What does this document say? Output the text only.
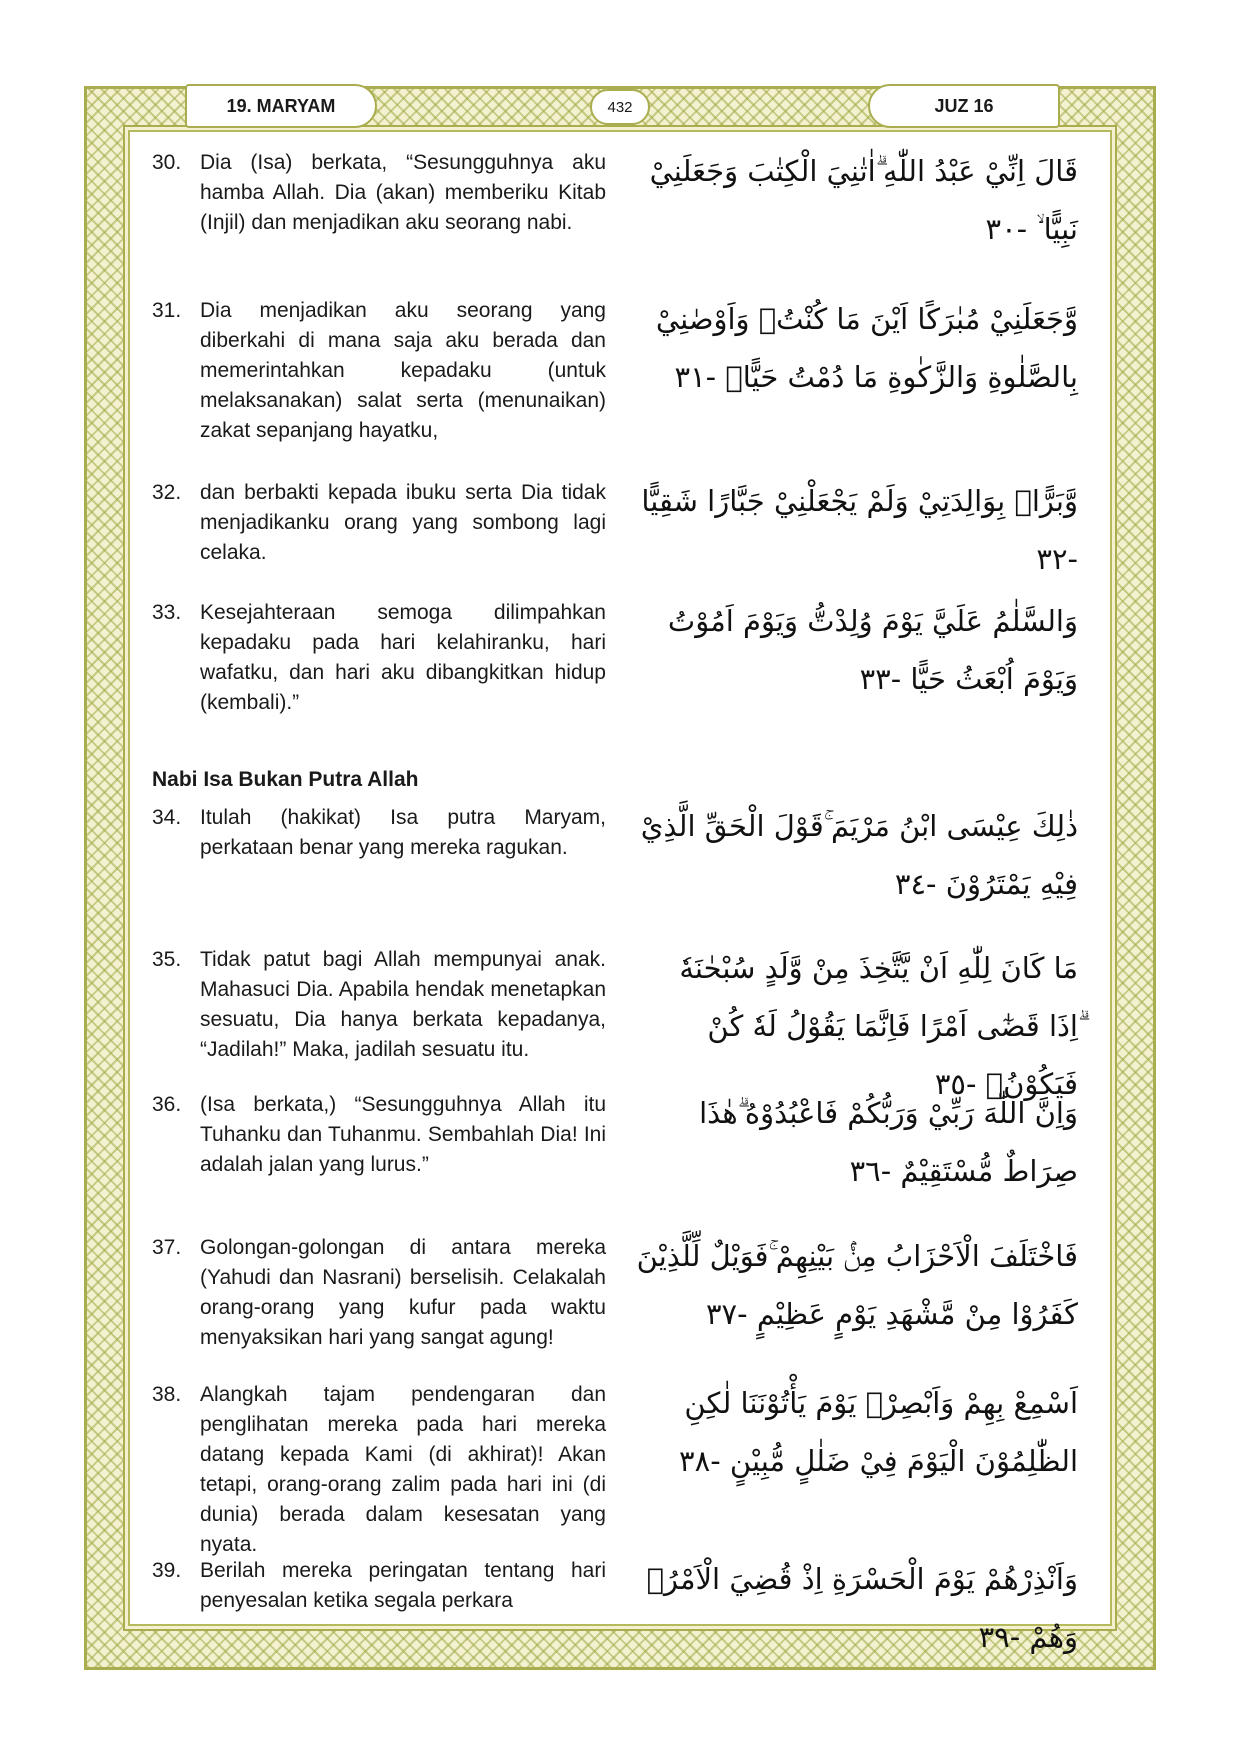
19. MARYAM	432	JUZ 16
30. Dia (Isa) berkata, “Sesungguhnya aku hamba Allah. Dia (akan) memberiku Kitab (Injil) dan menjadikan aku seorang nabi.
قَالَ اِنِّيْ عَبْدُ اللّٰهِ ۗاٰتٰنِيَ الْكِتٰبَ وَجَعَلَنِيْ نَبِيًّا ۙ -٣٠
31. Dia menjadikan aku seorang yang diberkahi di mana saja aku berada dan memerintahkan kepadaku (untuk melaksanakan) salat serta (menunaikan) zakat sepanjang hayatku,
وَّجَعَلَنِيْ مُبٰرَكًا اَيْنَ مَا كُنْتُۖ وَاَوْصٰنِيْ بِالصَّلٰوةِ وَالزَّكٰوةِ مَا دُمْتُ حَيًّاۖ -٣١
32. dan berbakti kepada ibuku serta Dia tidak menjadikanku orang yang sombong lagi celaka.
وَّبَرًّاۢ بِوَالِدَتِيْ وَلَمْ يَجْعَلْنِيْ جَبَّارًا شَقِيًّا -٣٢
33. Kesejahteraan semoga dilimpahkan kepadaku pada hari kelahiranku, hari wafatku, dan hari aku dibangkitkan hidup (kembali).”
وَالسَّلٰمُ عَلَيَّ يَوْمَ وُلِدْتُّ وَيَوْمَ اَمُوْتُ وَيَوْمَ اُبْعَثُ حَيًّا -٣٣
Nabi Isa Bukan Putra Allah
34. Itulah (hakikat) Isa putra Maryam, perkataan benar yang mereka ragukan.
ذٰلِكَ عِيْسَى ابْنُ مَرْيَمَ ۚقَوْلَ الْحَقِّ الَّذِيْ فِيْهِ يَمْتَرُوْنَ -٣٤
35. Tidak patut bagi Allah mempunyai anak. Mahasuci Dia. Apabila hendak menetapkan sesuatu, Dia hanya berkata kepadanya, “Jadilah!” Maka, jadilah sesuatu itu.
مَا كَانَ لِلّٰهِ اَنْ يَّتَّخِذَ مِنْ وَّلَدٍ سُبْحٰنَهٗ ۗاِذَا قَضٰٓى اَمْرًا فَاِنَّمَا يَقُوْلُ لَهٗ كُنْ فَيَكُوْنُۗ -٣٥
36. (Isa berkata,) “Sesungguhnya Allah itu Tuhanku dan Tuhanmu. Sembahlah Dia! Ini adalah jalan yang lurus.”
وَاِنَّ اللّٰهَ رَبِّيْ وَرَبُّكُمْ فَاعْبُدُوْهُ ۗهٰذَا صِرَاطٌ مُّسْتَقِيْمٌ -٣٦
37. Golongan-golongan di antara mereka (Yahudi dan Nasrani) berselisih. Celakalah orang-orang yang kufur pada waktu menyaksikan hari yang sangat agung!
فَاخْتَلَفَ الْاَحْزَابُ مِنْۢ بَيْنِهِمْ ۚفَوَيْلٌ لِّلَّذِيْنَ كَفَرُوْا مِنْ مَّشْهَدِ يَوْمٍ عَظِيْمٍ -٣٧
38. Alangkah tajam pendengaran dan penglihatan mereka pada hari mereka datang kepada Kami (di akhirat)! Akan tetapi, orang-orang zalim pada hari ini (di dunia) berada dalam kesesatan yang nyata.
اَسْمِعْ بِهِمْ وَاَبْصِرْۙ يَوْمَ يَأْتُوْنَنَا لٰكِنِ الظّٰلِمُوْنَ الْيَوْمَ فِيْ ضَلٰلٍ مُّبِيْنٍ -٣٨
39. Berilah mereka peringatan tentang hari penyesalan ketika segala perkara
وَاَنْذِرْهُمْ يَوْمَ الْحَسْرَةِ اِذْ قُضِيَ الْاَمْرُۘ وَهُمْ -٣٩
